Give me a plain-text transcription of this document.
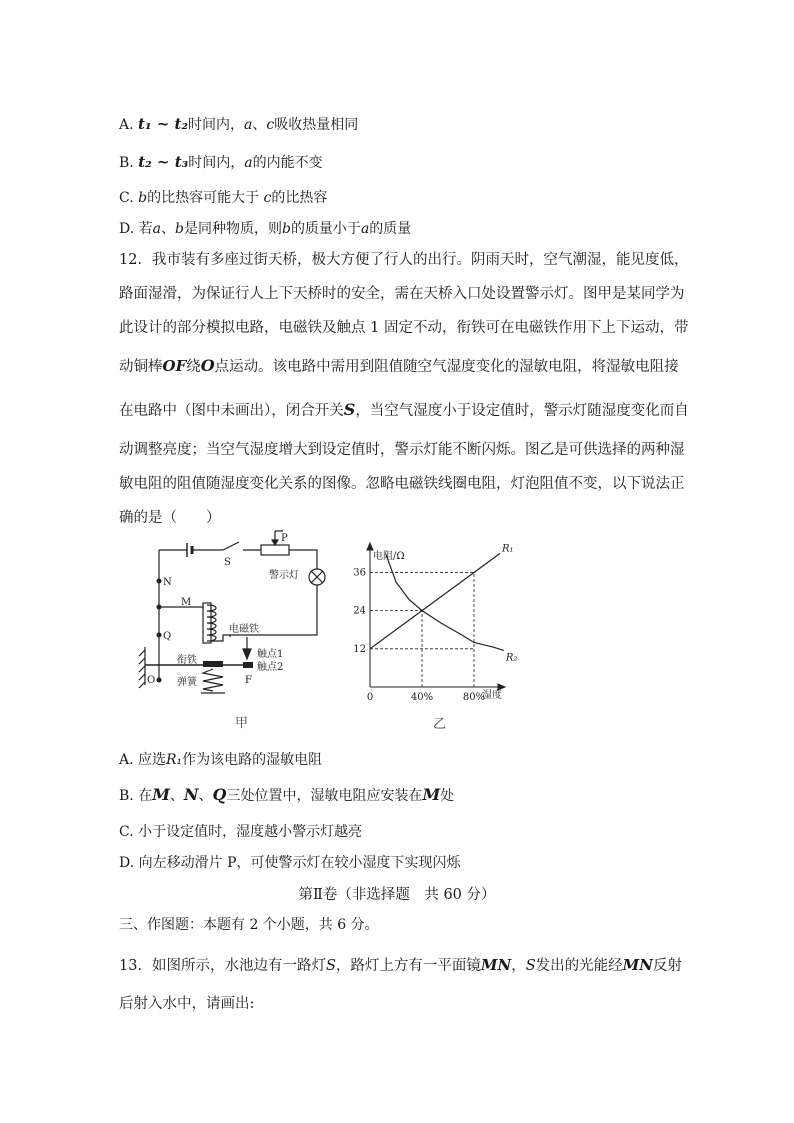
A. t₁ ~ t₂时间内，a、c吸收热量相同
B. t₂ ~ t₃时间内，a的内能不变
C. b的比热容可能大于 c的比热容
D. 若a、b是同种物质，则b的质量小于a的质量

12．我市装有多座过街天桥，极大方便了行人的出行。阴雨天时，空气潮湿，能见度低，

路面湿滑，为保证行人上下天桥时的安全，需在天桥入口处设置警示灯。图甲是某同学为

此设计的部分模拟电路，电磁铁及触点 1 固定不动，衔铁可在电磁铁作用下上下运动，带

动铜棒OF绕O点运动。该电路中需用到阻值随空气湿度变化的湿敏电阻，将湿敏电阻接

在电路中（图中未画出），闭合开关S，当空气湿度小于设定值时，警示灯随湿度变化而自

动调整亮度；当空气湿度增大到设定值时，警示灯能不断闪烁。图乙是可供选择的两种湿

敏电阻的阻值随湿度变化关系的图像。忽略电磁铁线圈电阻，灯泡阻值不变，以下说法正

确的是（　　）

P
S
警示灯
N
M
Q
电磁铁
衔铁
触点1
触点2
弹簧	F
O
甲
电阻/Ω
湿度
12
24
36
0	40%	80%
R₁
R₂
乙
A. 应选R₁作为该电路的湿敏电阻
B. 在M、N、Q三处位置中，湿敏电阻应安装在M处
C. 小于设定值时，湿度越小警示灯越亮
D. 向左移动滑片 P，可使警示灯在较小湿度下实现闪烁
第Ⅱ卷（非选择题　共 60 分）
三、作图题：本题有 2 个小题，共 6 分。

13．如图所示，水池边有一路灯S，路灯上方有一平面镜MN，S发出的光能经MN反射

后射入水中，请画出:
